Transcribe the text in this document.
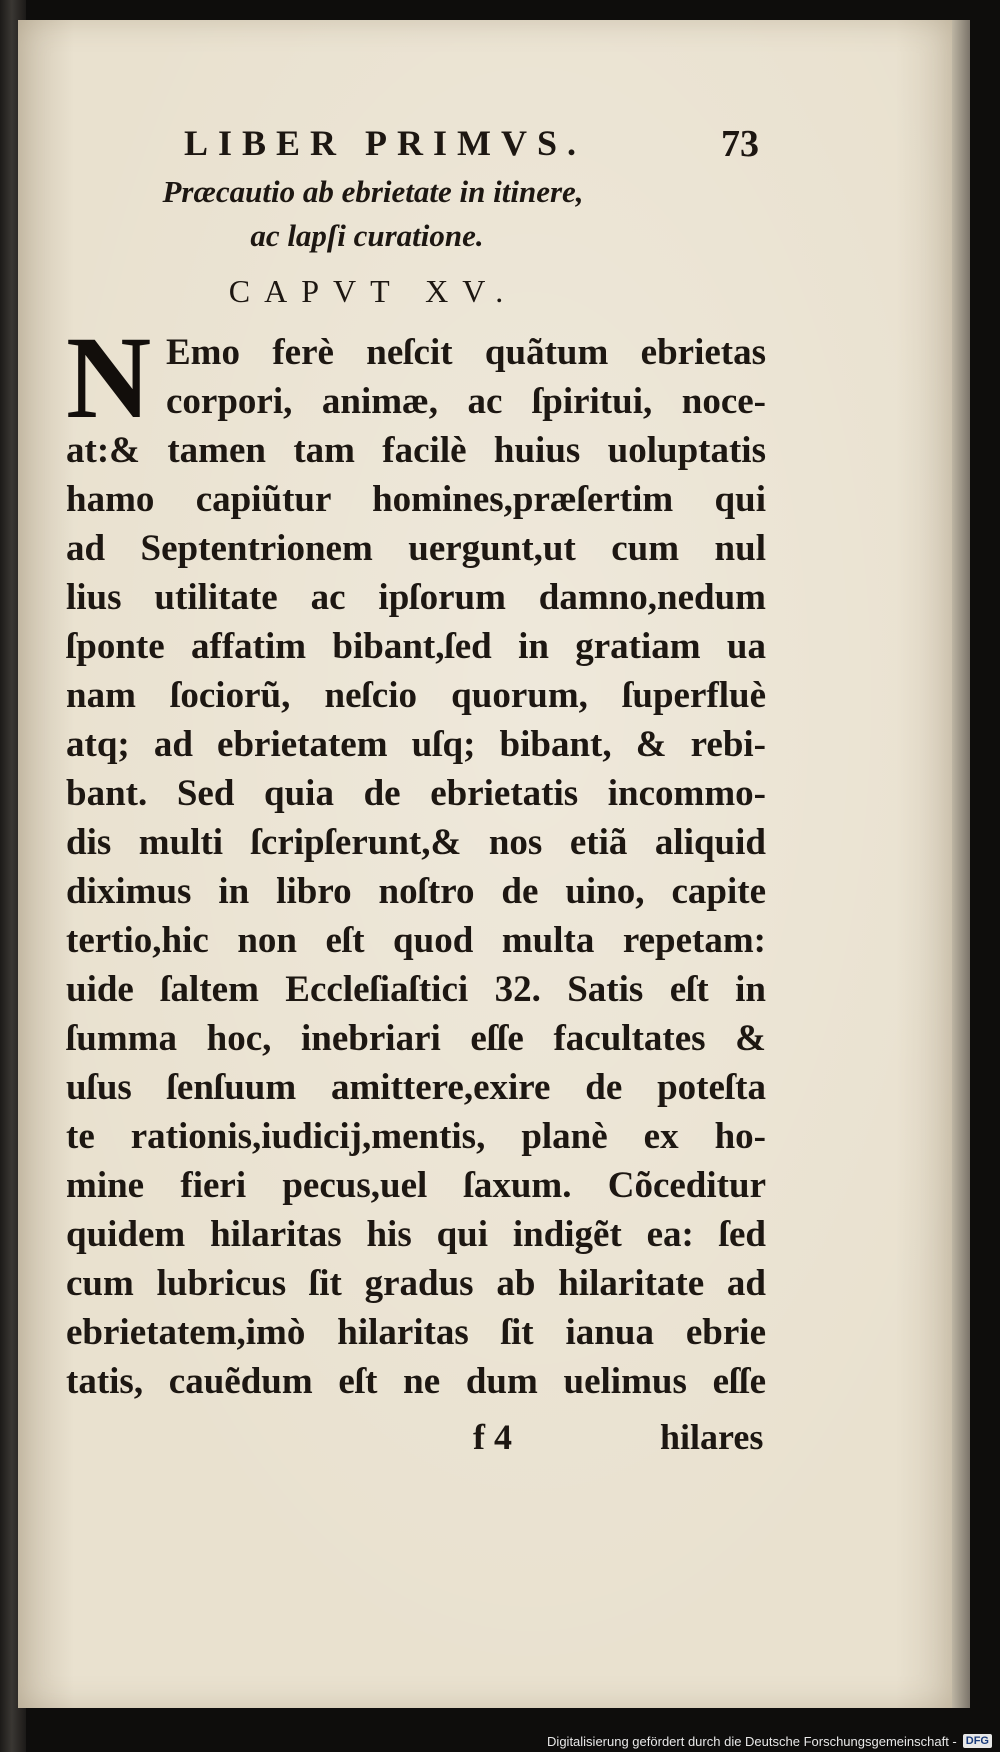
LIBER PRIMVS.	73
Præcautio ab ebrietate in itinere,
ac lapſi curatione.
CAPVT XV.
N Emo ferè neſcit quãtum ebrietas
corpori, animæ, ac ſpiritui, noce-
at:& tamen tam facilè huius uoluptatis
hamo capiũtur homines,præſertim qui
ad Septentrionem uergunt,ut cum nul
lius utilitate ac ipſorum damno,nedum
ſponte affatim bibant,ſed in gratiam ua
nam ſociorũ, neſcio quorum, ſuperfluè
atq; ad ebrietatem uſq; bibant, & rebi-
bant. Sed quia de ebrietatis incommo-
dis multi ſcripſerunt,& nos etiã aliquid
diximus in libro noſtro de uino, capite
tertio,hic non eſt quod multa repetam:
uide ſaltem Eccleſiaſtici 32. Satis eſt in
ſumma hoc, inebriari eſſe facultates &
uſus ſenſuum amittere,exire de poteſta
te rationis,iudicij,mentis, planè ex ho-
mine fieri pecus,uel ſaxum. Cõceditur
quidem hilaritas his qui indigẽt ea: ſed
cum lubricus ſit gradus ab hilaritate ad
ebrietatem,imò hilaritas ſit ianua ebrie
tatis, cauẽdum eſt ne dum uelimus eſſe
f 4	hilares
Digitalisierung gefördert durch die Deutsche Forschungsgemeinschaft - DFG
